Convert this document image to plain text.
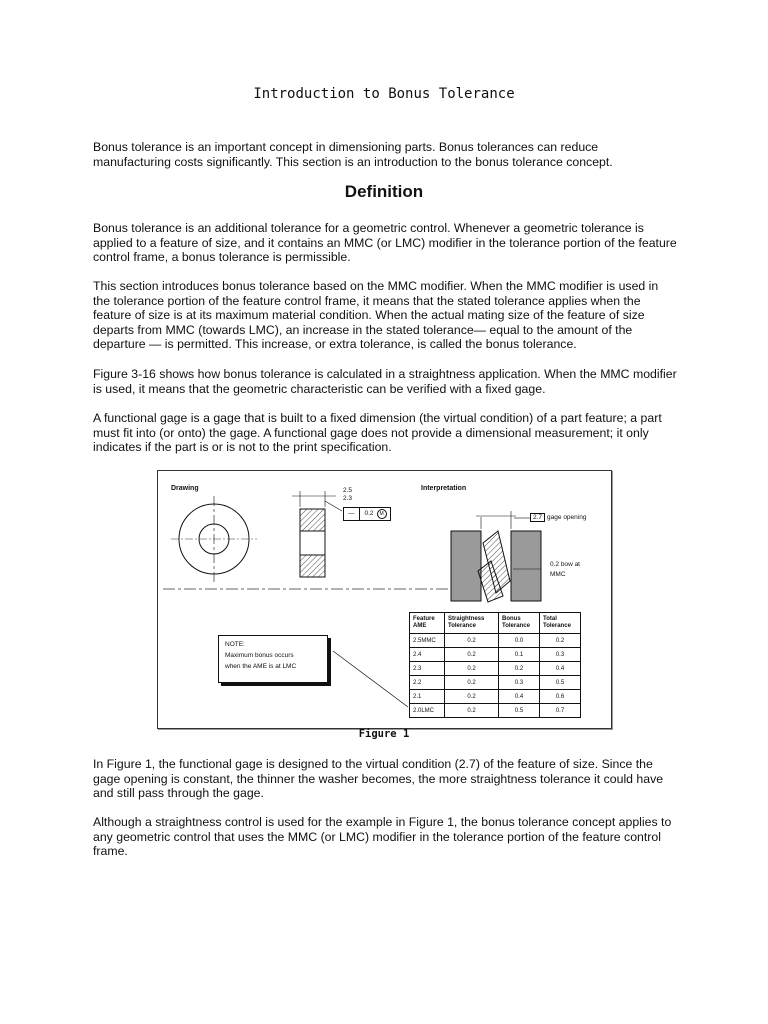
Introduction to Bonus Tolerance

Bonus tolerance is an important concept in dimensioning parts. Bonus tolerances can reduce manufacturing costs significantly. This section is an introduction to the bonus tolerance concept.

Definition

Bonus tolerance is an additional tolerance for a geometric control. Whenever a geometric tolerance is applied to a feature of size, and it contains an MMC (or LMC) modifier in the tolerance portion of the feature control frame, a bonus tolerance is permissible.

This section introduces bonus tolerance based on the MMC modifier. When the MMC modifier is used in the tolerance portion of the feature control frame, it means that the stated tolerance applies when the feature of size is at its maximum material condition. When the actual mating size of the feature of size departs from MMC (towards LMC), an increase in the stated tolerance— equal to the amount of the departure — is permitted. This increase, or extra tolerance, is called the bonus tolerance.

Figure 3-16 shows how bonus tolerance is calculated in a straightness application. When the MMC modifier is used, it means that the geometric characteristic can be verified with a fixed gage.

A functional gage is a gage that is built to a fixed dimension (the virtual condition) of a part feature; a part must fit into (or onto) the gage. A functional gage does not provide a dimensional measurement; it only indicates if the part is or is not to the print specification.

Drawing	Interpretation
2.5
2.3
—	0.2	M	2.7 gage opening
0.2 bow at
MMC
NOTE:
Maximum bonus occurs
when the AME is at LMC
Feature AME	Straightness Tolerance	Bonus Tolerance	Total Tolerance
2.5MMC	0.2	0.0	0.2
2.4	0.2	0.1	0.3
2.3	0.2	0.2	0.4
2.2	0.2	0.3	0.5
2.1	0.2	0.4	0.6
2.0LMC	0.2	0.5	0.7
Figure 1

In Figure 1, the functional gage is designed to the virtual condition (2.7) of the feature of size. Since the gage opening is constant, the thinner the washer becomes, the more straightness tolerance it could have and still pass through the gage.

Although a straightness control is used for the example in Figure 1, the bonus tolerance concept applies to any geometric control that uses the MMC (or LMC) modifier in the tolerance portion of the feature control frame.
